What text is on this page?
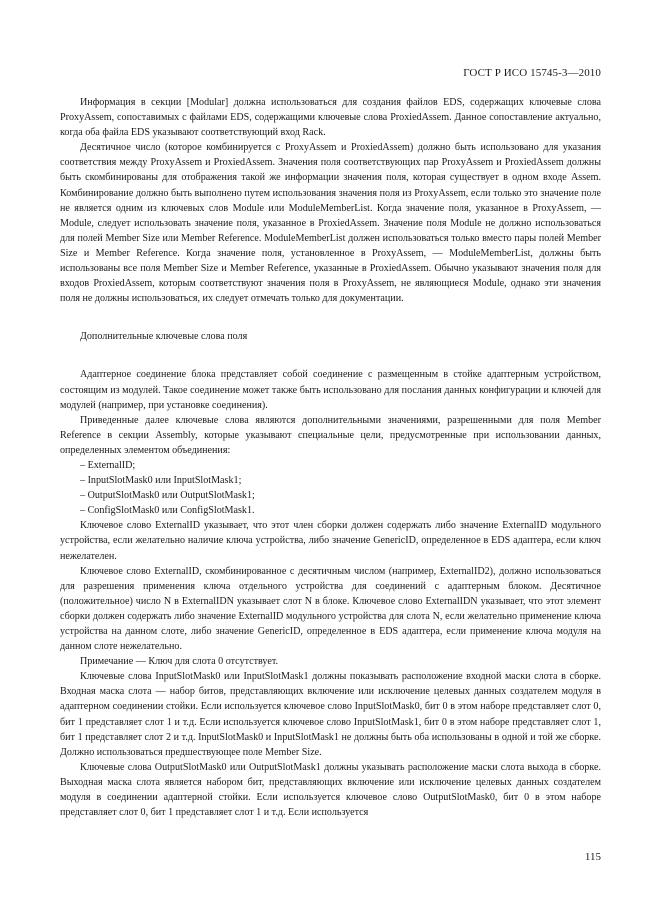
ГОСТ Р ИСО 15745-3—2010

Информация в секции [Modular] должна использоваться для создания файлов EDS, содержащих ключевые слова ProxyAssem, сопоставимых с файлами EDS, содержащими ключевые слова ProxiedAssem. Данное сопоставление актуально, когда оба файла EDS указывают соответствующий вход Rack.

Десятичное число (которое комбинируется с ProxyAssem и ProxiedAssem) должно быть использовано для указания соответствия между ProxyAssem и ProxiedAssem. Значения поля соответствующих пар ProxyAssem и ProxiedAssem должны быть скомбинированы для отображения такой же информации значения поля, которая существует в одном входе Assem. Комбинирование должно быть выполнено путем использования значения поля из ProxyAssem, если только это значение поле не является одним из ключевых слов Module или ModuleMemberList. Когда значение поля, указанное в ProxyAssem, — Module, следует использовать значение поля, указанное в ProxiedAssem. Значение поля Module не должно использоваться для полей Member Size или Member Reference. ModuleMemberList должен использоваться только вместо пары полей Member Size и Member Reference. Когда значение поля, установленное в ProxyAssem, — ModuleMemberList, должны быть использованы все поля Member Size и Member Reference, указанные в ProxiedAssem. Обычно указывают значения поля для входов ProxiedAssem, которым соответствуют значения поля в ProxyAssem, не являющиеся Module, однако эти значения поля не должны использоваться, их следует отмечать только для документации.

Дополнительные ключевые слова поля

Адаптерное соединение блока представляет собой соединение с размещенным в стойке адаптерным устройством, состоящим из модулей. Такое соединение может также быть использовано для послания данных конфигурации и ключей для модулей (например, при установке соединения).

Приведенные далее ключевые слова являются дополнительными значениями, разрешенными для поля Member Reference в секции Assembly, которые указывают специальные цели, предусмотренные при использовании данных, определенных элементом объединения:

– ExternalID;

– InputSlotMask0 или InputSlotMask1;

– OutputSlotMask0 или OutputSlotMask1;

– ConfigSlotMask0 или ConfigSlotMask1.

Ключевое слово ExternalID указывает, что этот член сборки должен содержать либо значение ExternalID модульного устройства, если желательно наличие ключа устройства, либо значение GenericID, определенное в EDS адаптера, если ключ нежелателен.

Ключевое слово ExternalID, скомбинированное с десятичным числом (например, ExternalID2), должно использоваться для разрешения применения ключа отдельного устройства для соединений с адаптерным блоком. Десятичное (положительное) число N в ExternalIDN указывает слот N в блоке. Ключевое слово ExternalIDN указывает, что этот элемент сборки должен содержать либо значение ExternalID модульного устройства для слота N, если желательно применение ключа устройства на данном слоте, либо значение GenericID, определенное в EDS адаптера, если применение ключа модуля на данном слоте нежелательно.

Примечание — Ключ для слота 0 отсутствует.

Ключевые слова InputSlotMask0 или InputSlotMask1 должны показывать расположение входной маски слота в сборке. Входная маска слота — набор битов, представляющих включение или исключение целевых данных создателем модуля в адаптерном соединении стойки. Если используется ключевое слово InputSlotMask0, бит 0 в этом наборе представляет слот 0, бит 1 представляет слот 1 и т.д. Если используется ключевое слово InputSlotMask1, бит 0 в этом наборе представляет слот 1, бит 1 представляет слот 2 и т.д. InputSlotMask0 и InputSlotMask1 не должны быть оба использованы в одной и той же сборке. Должно использоваться предшествующее поле Member Size.

Ключевые слова OutputSlotMask0 или OutputSlotMask1 должны указывать расположение маски слота выхода в сборке. Выходная маска слота является набором бит, представляющих включение или исключение целевых данных создателем модуля в соединении адаптерной стойки. Если используется ключевое слово OutputSlotMask0, бит 0 в этом наборе представляет слот 0, бит 1 представляет слот 1 и т.д. Если используется

115
